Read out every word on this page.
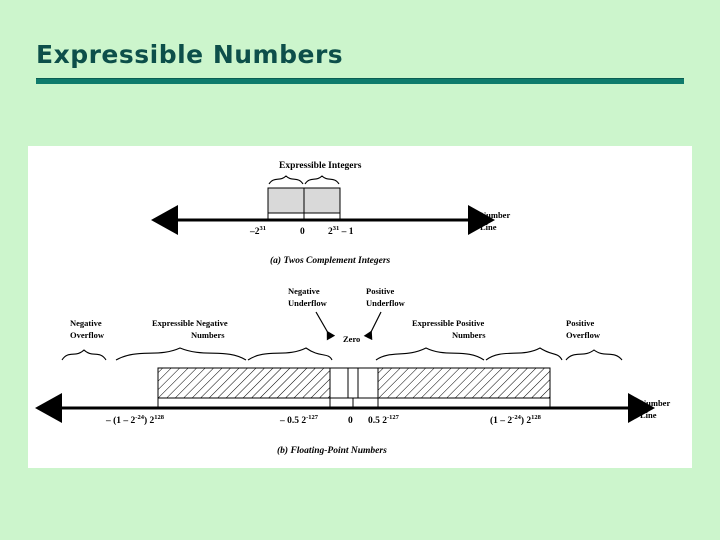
Expressible Numbers
Expressible Integers
$-2^{31}$	0 $2^{31} - 1$
Number
Line
(a) Twos Complement Integers
Negative
Underflow
Positive
Underflow
Zero
Negative
Overflow
Expressible Negative
Numbers
Expressible Positive
Numbers
Positive
Overflow
– $(1 - 2^{-24})$ $2^{128}$	– 0.5 $2^{-127}$	0 0.5 $2^{-127}$	$(1 - 2^{-24})$ $2^{128}$
Number
Line
(b) Floating-Point Numbers
